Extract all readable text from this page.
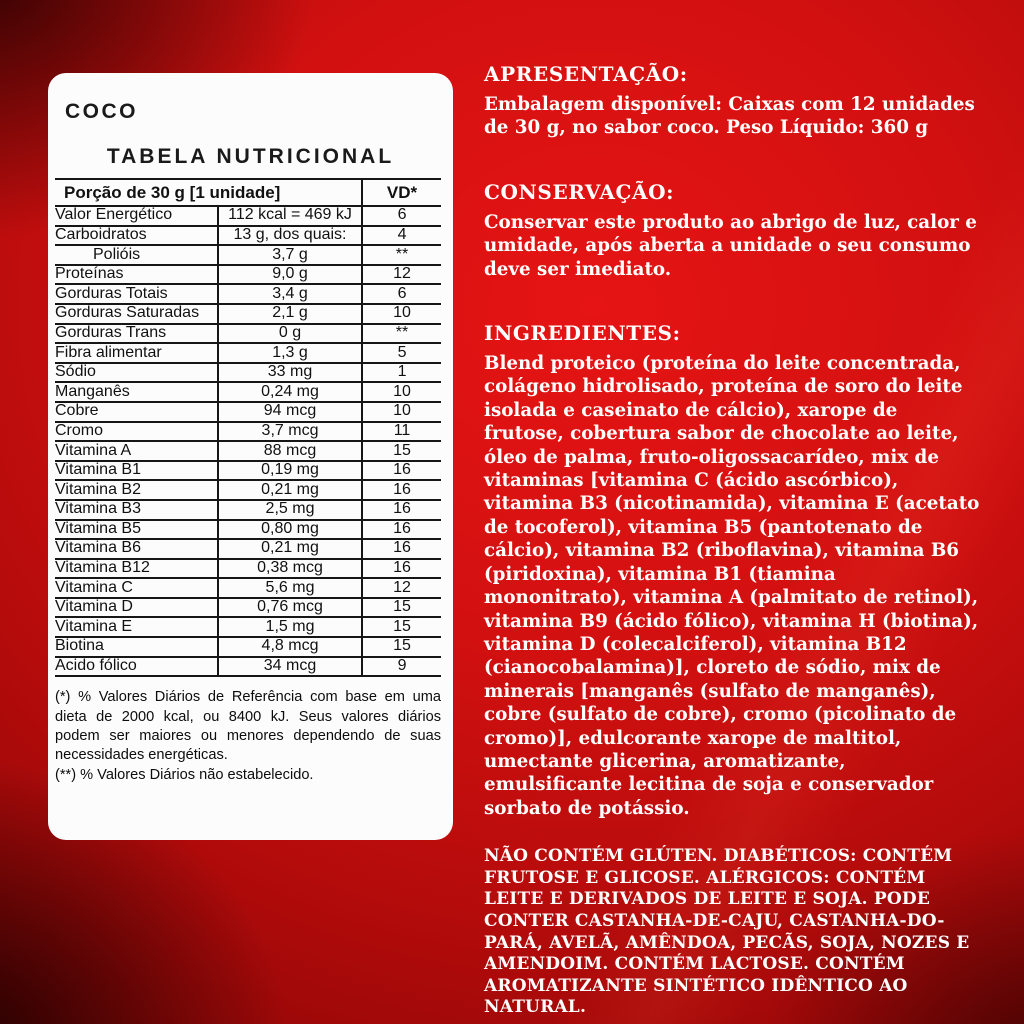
COCO
TABELA NUTRICIONAL
Porção de 30 g [1 unidade]		VD*
Valor Energético	112 kcal = 469 kJ	6
Carboidratos	13 g, dos quais:	4
Polióis	3,7 g	**
Proteínas	9,0 g	12
Gorduras Totais	3,4 g	6
Gorduras Saturadas	2,1 g	10
Gorduras Trans	0 g	**
Fibra alimentar	1,3 g	5
Sódio	33 mg	1
Manganês	0,24 mg	10
Cobre	94 mcg	10
Cromo	3,7 mcg	11
Vitamina A	88 mcg	15
Vitamina B1	0,19 mg	16
Vitamina B2	0,21 mg	16
Vitamina B3	2,5 mg	16
Vitamina B5	0,80 mg	16
Vitamina B6	0,21 mg	16
Vitamina B12	0,38 mcg	16
Vitamina C	5,6 mg	12
Vitamina D	0,76 mcg	15
Vitamina E	1,5 mg	15
Biotina	4,8 mcg	15
Ácido fólico	34 mcg	9
(*) % Valores Diários de Referência com base em uma dieta de 2000 kcal, ou 8400 kJ. Seus valores diários podem ser maiores ou menores dependendo de suas necessidades energéticas.
(**) % Valores Diários não estabelecido.
APRESENTAÇÃO:

Embalagem disponível: Caixas com 12 unidades de 30 g, no sabor coco. Peso Líquido: 360 g

CONSERVAÇÃO:

Conservar este produto ao abrigo de luz, calor e umidade, após aberta a unidade o seu consumo deve ser imediato.

INGREDIENTES:

Blend proteico (proteína do leite concentrada, colágeno hidrolisado, proteína de soro do leite isolada e caseinato de cálcio), xarope de frutose, cobertura sabor de chocolate ao leite, óleo de palma, fruto-oligossacarídeo, mix de vitaminas [vitamina C (ácido ascórbico), vitamina B3 (nicotinamida), vitamina E (acetato de tocoferol), vitamina B5 (pantotenato de cálcio), vitamina B2 (riboflavina), vitamina B6 (piridoxina), vitamina B1 (tiamina mononitrato), vitamina A (palmitato de retinol), vitamina B9 (ácido fólico), vitamina H (biotina), vitamina D (colecalciferol), vitamina B12 (cianocobalamina)], cloreto de sódio, mix de minerais [manganês (sulfato de manganês), cobre (sulfato de cobre), cromo (picolinato de cromo)], edulcorante xarope de maltitol, umectante glicerina, aromatizante, emulsificante lecitina de soja e conservador sorbato de potássio.

NÃO CONTÉM GLÚTEN. DIABÉTICOS: CONTÉM FRUTOSE E GLICOSE. ALÉRGICOS: CONTÉM LEITE E DERIVADOS DE LEITE E SOJA. PODE CONTER CASTANHA-DE-CAJU, CASTANHA-DO-PARÁ, AVELÃ, AMÊNDOA, PECÃS, SOJA, NOZES E AMENDOIM. CONTÉM LACTOSE. CONTÉM AROMATIZANTE SINTÉTICO IDÊNTICO AO NATURAL.
